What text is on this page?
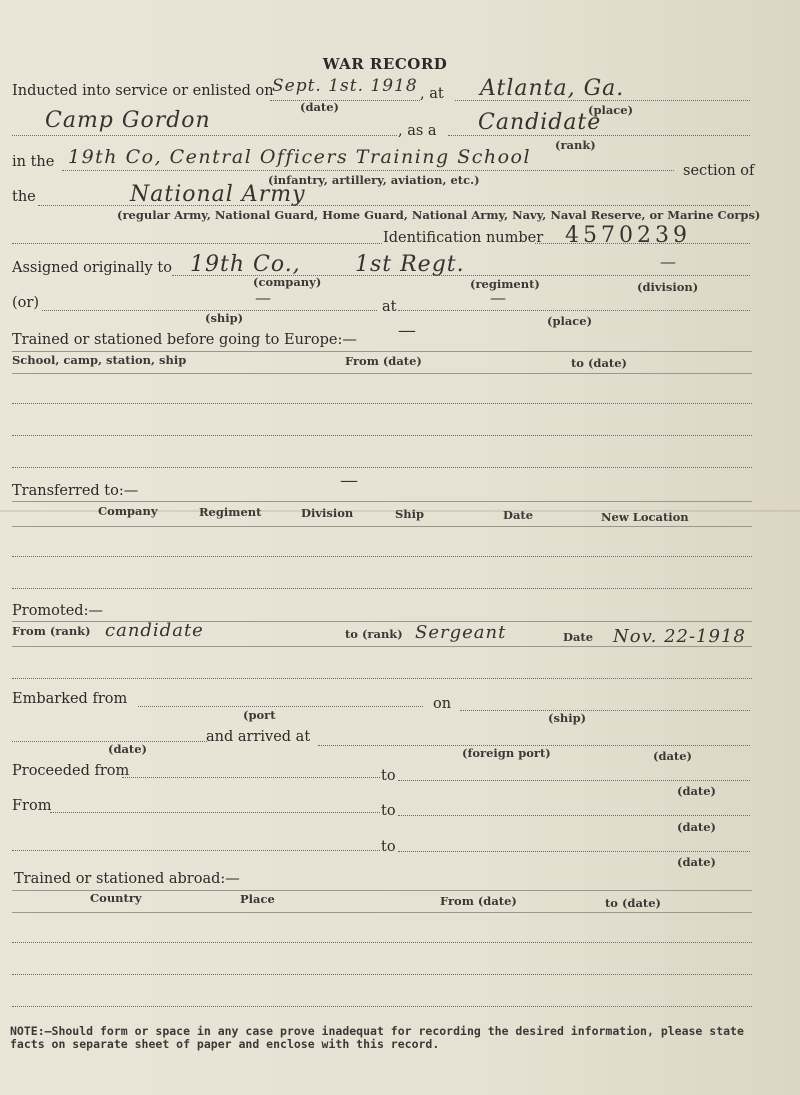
WAR RECORD
Inducted into service or enlisted on
Sept. 1st. 1918 , at Atlanta, Ga.
(date)	(place)
Camp Gordon	, as a Candidate
(rank)
in the 19th Co, Central Officers Training School
section of
(infantry, artillery, aviation, etc.)
the	National Army
(regular Army, National Guard, Home Guard, National Army, Navy, Naval Reserve, or Marine Corps)
Identification number 4570239
Assigned originally to 19th Co., 1st Regt.	—
(company)	(regiment)	(division)
(or)	—	at	—
(ship)	(place)
Trained or stationed before going to Europe:— —
School, camp, station, ship	From (date)	to (date)
Transferred to:—	—
Company	Regiment	Division	Ship	Date	New Location
Promoted:—
From (rank) candidate	to (rank) Sergeant	Date Nov. 22-1918
Embarked from	on
(port	(ship)
and arrived at
(date)	(foreign port)	(date)
Proceeded from	to
(date)
From	to
(date)
to
(date)
Trained or stationed abroad:—
Country	Place	From (date)	to (date)
NOTE:—Should form or space in any case prove inadequat for recording the desired information, please state facts on separate sheet of paper and enclose with this record.
